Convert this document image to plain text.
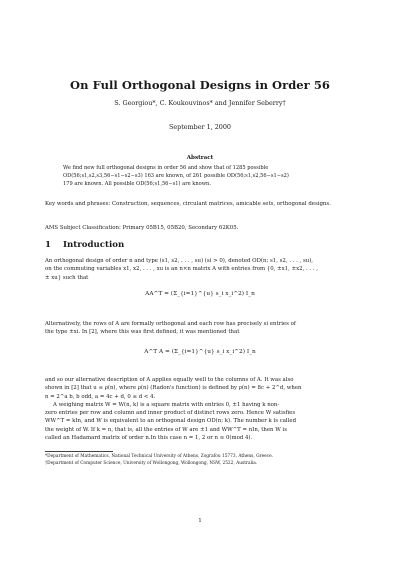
On Full Orthogonal Designs in Order 56
S. Georgiou*, C. Koukouvinos* and Jennifer Seberry†
September 1, 2000
Abstract
We find new full orthogonal designs in order 56 and show that of 1285 possible
OD(56;s1,s2,s3,56−s1−s2−s3) 163 are known, of 261 possible OD(56;s1,s2,56−s1−s2)
179 are known. All possible OD(56;s1,56−s1) are known.
Key words and phrases: Construction, sequences, circulant matrices, amicable sets, orthogonal designs.
AMS Subject Classification: Primary 05B15, 05B20, Secondary 62K05.
1 Introduction
An orthogonal design of order n and type (s1, s2, . . . , su) (si > 0), denoted OD(n; s1, s2, . . . , su),
on the commuting variables x1, x2, . . . , xu is an n×n matrix A with entries from {0, ±x1, ±x2, . . . ,
± xu} such that
AA^T = (Σ_{i=1}^{u} s_i x_i^2) I_n
Alternatively, the rows of A are formally orthogonal and each row has precisely si entries of
the type ±xi. In [2], where this was first defined, it was mentioned that
A^T A = (Σ_{i=1}^{u} s_i x_i^2) I_n
and so our alternative description of A applies equally well to the columns of A. It was also
shown in [2] that u ≤ ρ(n), where ρ(n) (Radon's function) is defined by ρ(n) = 8c + 2^d, when
n = 2^a b, b odd, a = 4c + d, 0 ≤ d < 4.
A weighing matrix W = W(n, k) is a square matrix with entries 0, ±1 having k non-
zero entries per row and column and inner product of distinct rows zero. Hence W satisfies
WW^T = kIn, and W is equivalent to an orthogonal design OD(n; k). The number k is called
the weight of W. If k = n, that is, all the entries of W are ±1 and WW^T = nIn, then W is
called an Hadamard matrix of order n.In this case n = 1, 2 or n ≡ 0(mod 4).
*Department of Mathematics, National Technical University of Athens, Zografou 15773, Athens, Greece.
†Department of Computer Science, University of Wollongong, Wollongong, NSW, 2522, Australia.
1
